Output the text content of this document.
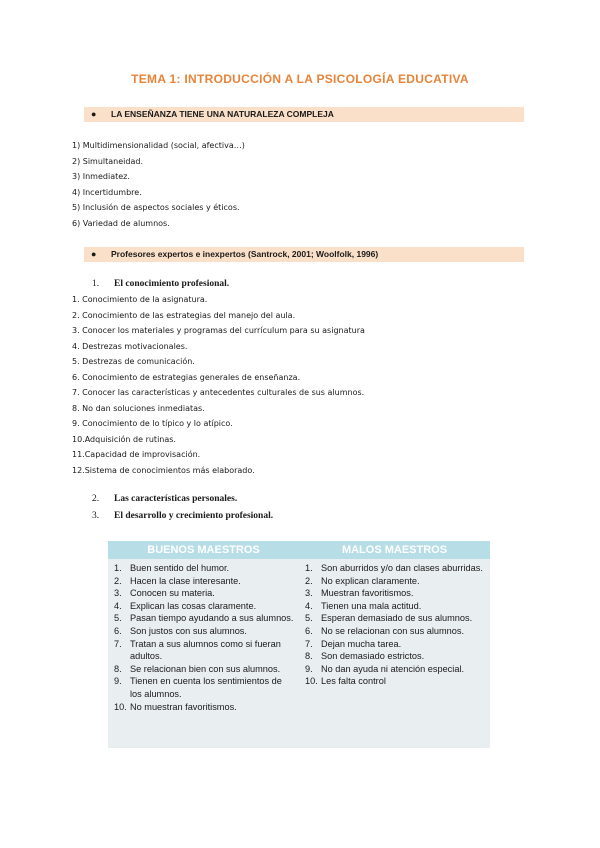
TEMA 1: INTRODUCCIÓN A LA PSICOLOGÍA EDUCATIVA
● LA ENSEÑANZA TIENE UNA NATURALEZA COMPLEJA
1) Multidimensionalidad (social, afectiva…)
2) Simultaneidad.
3) Inmediatez.
4) Incertidumbre.
5) Inclusión de aspectos sociales y éticos.
6) Variedad de alumnos.
● Profesores expertos e inexpertos (Santrock, 2001; Woolfolk, 1996)
1. El conocimiento profesional.
1. Conocimiento de la asignatura.
2. Conocimiento de las estrategias del manejo del aula.
3. Conocer los materiales y programas del currículum para su asignatura
4. Destrezas motivacionales.
5. Destrezas de comunicación.
6. Conocimiento de estrategias generales de enseñanza.
7. Conocer las características y antecedentes culturales de sus alumnos.
8. No dan soluciones inmediatas.
9. Conocimiento de lo típico y lo atípico.
10.Adquisición de rutinas.
11.Capacidad de improvisación.
12.Sistema de conocimientos más elaborado.
2. Las características personales.
3. El desarrollo y crecimiento profesional.
BUENOS MAESTROS	MALOS MAESTROS
1. Buen sentido del humor.
2. Hacen la clase interesante.
3. Conocen su materia.
4. Explican las cosas claramente.
5. Pasan tiempo ayudando a sus alumnos.
6. Son justos con sus alumnos.
7. Tratan a sus alumnos como si fueran adultos.
8. Se relacionan bien con sus alumnos.
9. Tienen en cuenta los sentimientos de los alumnos.
10. No muestran favoritismos.
1. Son aburridos y/o dan clases aburridas.
2. No explican claramente.
3. Muestran favoritismos.
4. Tienen una mala actitud.
5. Esperan demasiado de sus alumnos.
6. No se relacionan con sus alumnos.
7. Dejan mucha tarea.
8. Son demasiado estrictos.
9. No dan ayuda ni atención especial.
10. Les falta control
